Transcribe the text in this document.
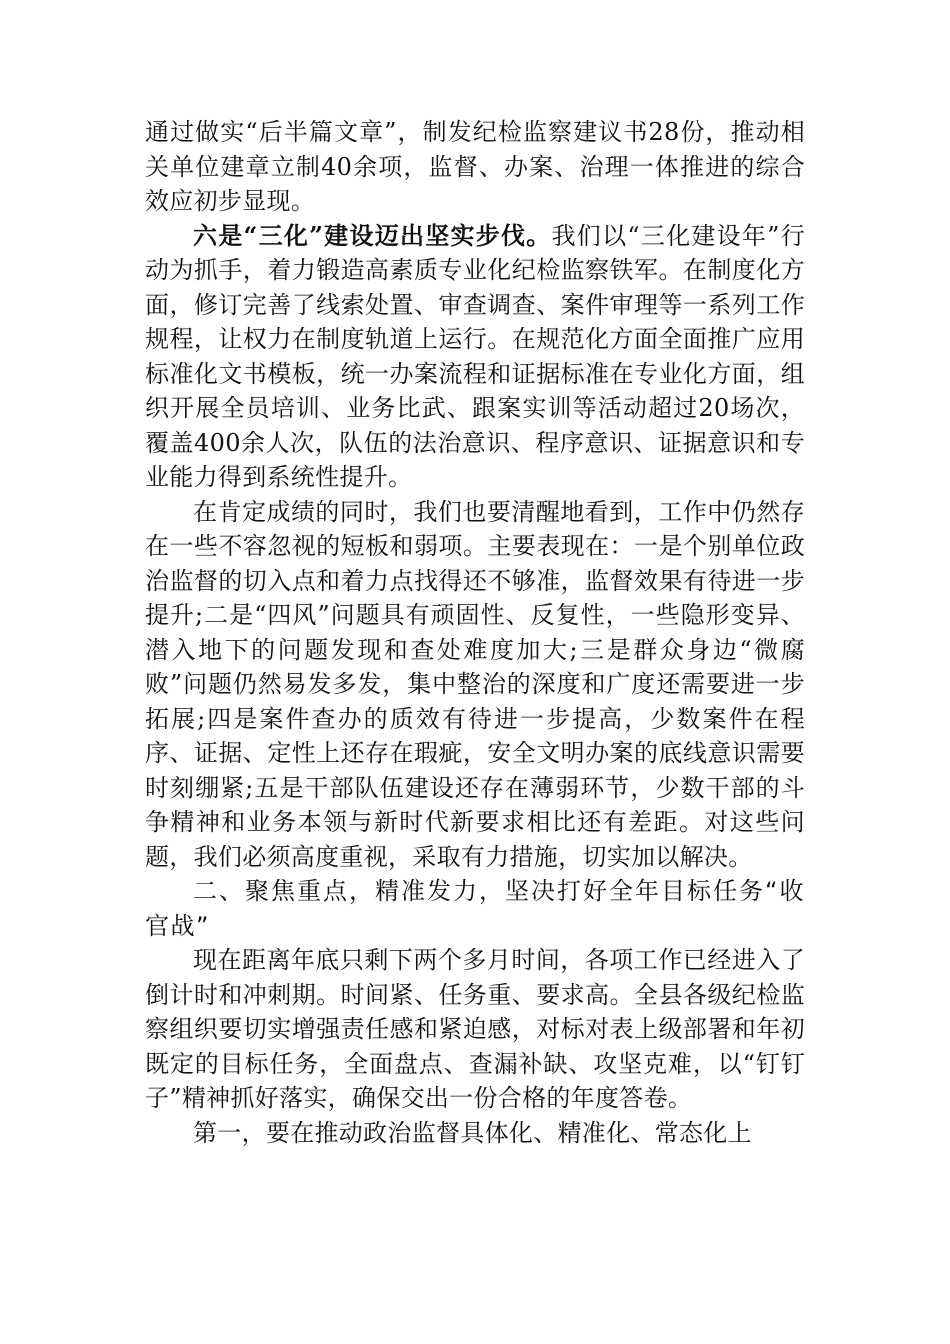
通过做实“后半篇文章”，制发纪检监察建议书28份，推动相关单位建章立制40余项，监督、办案、治理一体推进的综合效应初步显现。

六是“三化”建设迈出坚实步伐。我们以“三化建设年”行动为抓手，着力锻造高素质专业化纪检监察铁军。在制度化方面，修订完善了线索处置、审查调查、案件审理等一系列工作规程，让权力在制度轨道上运行。在规范化方面全面推广应用标准化文书模板，统一办案流程和证据标准在专业化方面，组织开展全员培训、业务比武、跟案实训等活动超过20场次，覆盖400余人次，队伍的法治意识、程序意识、证据意识和专业能力得到系统性提升。

在肯定成绩的同时，我们也要清醒地看到，工作中仍然存在一些不容忽视的短板和弱项。主要表现在：一是个别单位政治监督的切入点和着力点找得还不够准，监督效果有待进一步提升;二是“四风”问题具有顽固性、反复性，一些隐形变异、潜入地下的问题发现和查处难度加大;三是群众身边“微腐败”问题仍然易发多发，集中整治的深度和广度还需要进一步拓展;四是案件查办的质效有待进一步提高，少数案件在程序、证据、定性上还存在瑕疵，安全文明办案的底线意识需要时刻绷紧;五是干部队伍建设还存在薄弱环节，少数干部的斗争精神和业务本领与新时代新要求相比还有差距。对这些问题，我们必须高度重视，采取有力措施，切实加以解决。

二、聚焦重点，精准发力，坚决打好全年目标任务“收官战”

现在距离年底只剩下两个多月时间，各项工作已经进入了倒计时和冲刺期。时间紧、任务重、要求高。全县各级纪检监察组织要切实增强责任感和紧迫感，对标对表上级部署和年初既定的目标任务，全面盘点、查漏补缺、攻坚克难，以“钉钉子”精神抓好落实，确保交出一份合格的年度答卷。

第一，要在推动政治监督具体化、精准化、常态化上
